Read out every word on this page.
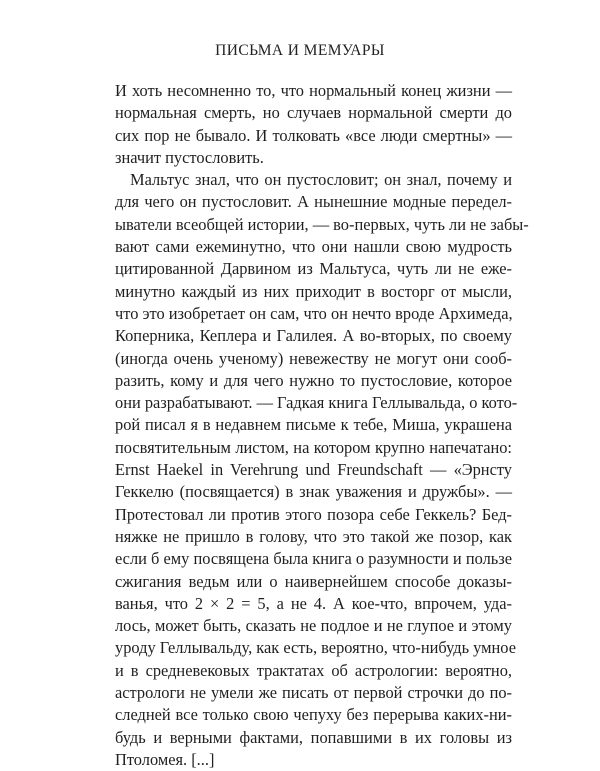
ПИСЬМА И МЕМУАРЫ
И хоть несомненно то, что нормальный конец жизни —
нормальная смерть, но случаев нормальной смерти до
сих пор не бывало. И толковать «все люди смертны» —
значит пустословить.
Мальтус знал, что он пустословит; он знал, почему и
для чего он пустословит. А нынешние модные передел-
ыватели всеобщей истории, — во-первых, чуть ли не забы-
вают сами ежеминутно, что они нашли свою мудрость
цитированной Дарвином из Мальтуса, чуть ли не еже-
минутно каждый из них приходит в восторг от мысли,
что это изобретает он сам, что он нечто вроде Архимеда,
Коперника, Кеплера и Галилея. А во-вторых, по своему
(иногда очень ученому) невежеству не могут они сооб-
разить, кому и для чего нужно то пустословие, которое
они разрабатывают. — Гадкая книга Геллывальда, о кото-
рой писал я в недавнем письме к тебе, Миша, украшена
посвятительным листом, на котором крупно напечатано:
Ernst Haekel in Verehrung und Freundschaft — «Эрнсту
Геккелю (посвящается) в знак уважения и дружбы». —
Протестовал ли против этого позора себе Геккель? Бед-
няжке не пришло в голову, что это такой же позор, как
если б ему посвящена была книга о разумности и пользе
сжигания ведьм или о наивернейшем способе доказы-
ванья, что 2 × 2 = 5, а не 4. А кое-что, впрочем, уда-
лось, может быть, сказать не подлое и не глупое и этому
уроду Геллывальду, как есть, вероятно, что-нибудь умное
и в средневековых трактатах об астрологии: вероятно,
астрологи не умели же писать от первой строчки до по-
следней все только свою чепуху без перерыва каких-ни-
будь и верными фактами, попавшими в их головы из
Птоломея. [...]
